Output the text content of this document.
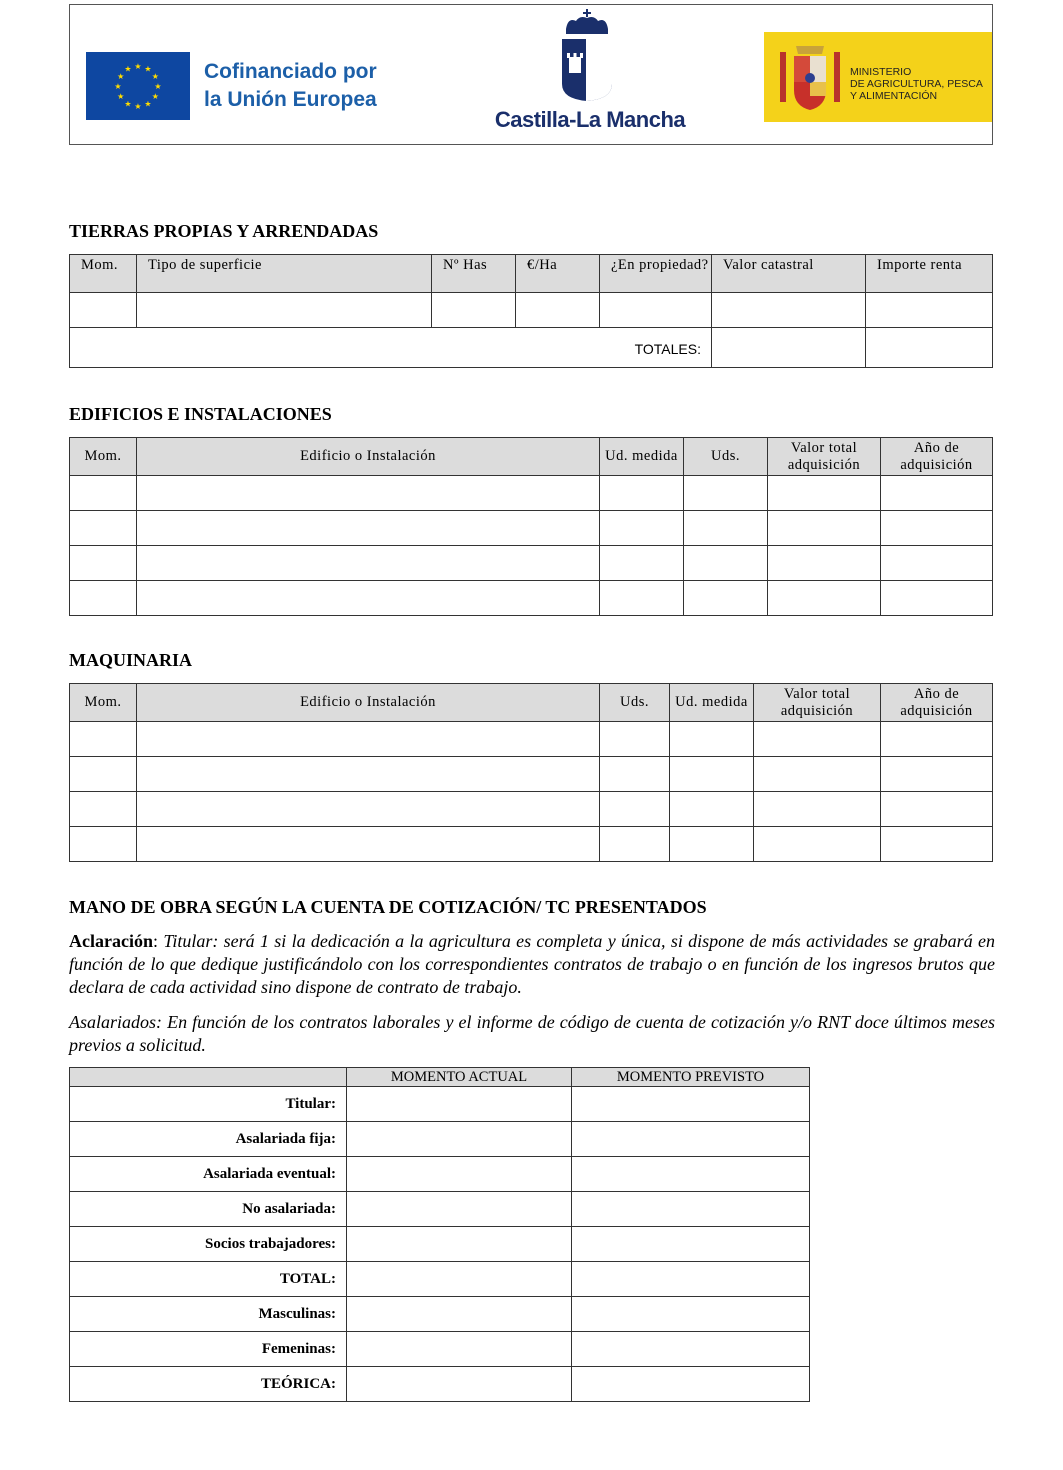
★ ★
★
★
★
★
★
★
★
★
★
★	Cofinanciado por
la Unión Europea
Castilla-La Mancha
MINISTERIO
DE AGRICULTURA, PESCA
Y ALIMENTACIÓN
TIERRAS PROPIAS Y ARRENDADAS
Mom.	Tipo de superficie	Nº Has	€/Ha	¿En propiedad?	Valor catastral	Importe renta

TOTALES:						
EDIFICIOS E INSTALACIONES
Mom.	Edificio o Instalación	Ud. medida	Uds.	Valor total adquisición	Año de adquisición

MAQUINARIA
Mom.	Edificio o Instalación	Uds.	Ud. medida	Valor total adquisición	Año de adquisición

MANO DE OBRA SEGÚN LA CUENTA DE COTIZACIÓN/ TC PRESENTADOS
Aclaración: Titular: será 1 si la dedicación a la agricultura es completa y única, si dispone de más actividades se grabará en función de lo que dedique justificándolo con los correspondientes contratos de trabajo o en función de los ingresos brutos que declara de cada actividad sino dispone de contrato de trabajo.
Asalariados: En función de los contratos laborales y el informe de código de cuenta de cotización y/o RNT doce últimos meses previos a solicitud.
	MOMENTO ACTUAL	MOMENTO PREVISTO
Titular:		
Asalariada fija:		
Asalariada eventual:		
No asalariada:		
Socios trabajadores:		
TOTAL:		
Masculinas:		
Femeninas:		
TEÓRICA:		
